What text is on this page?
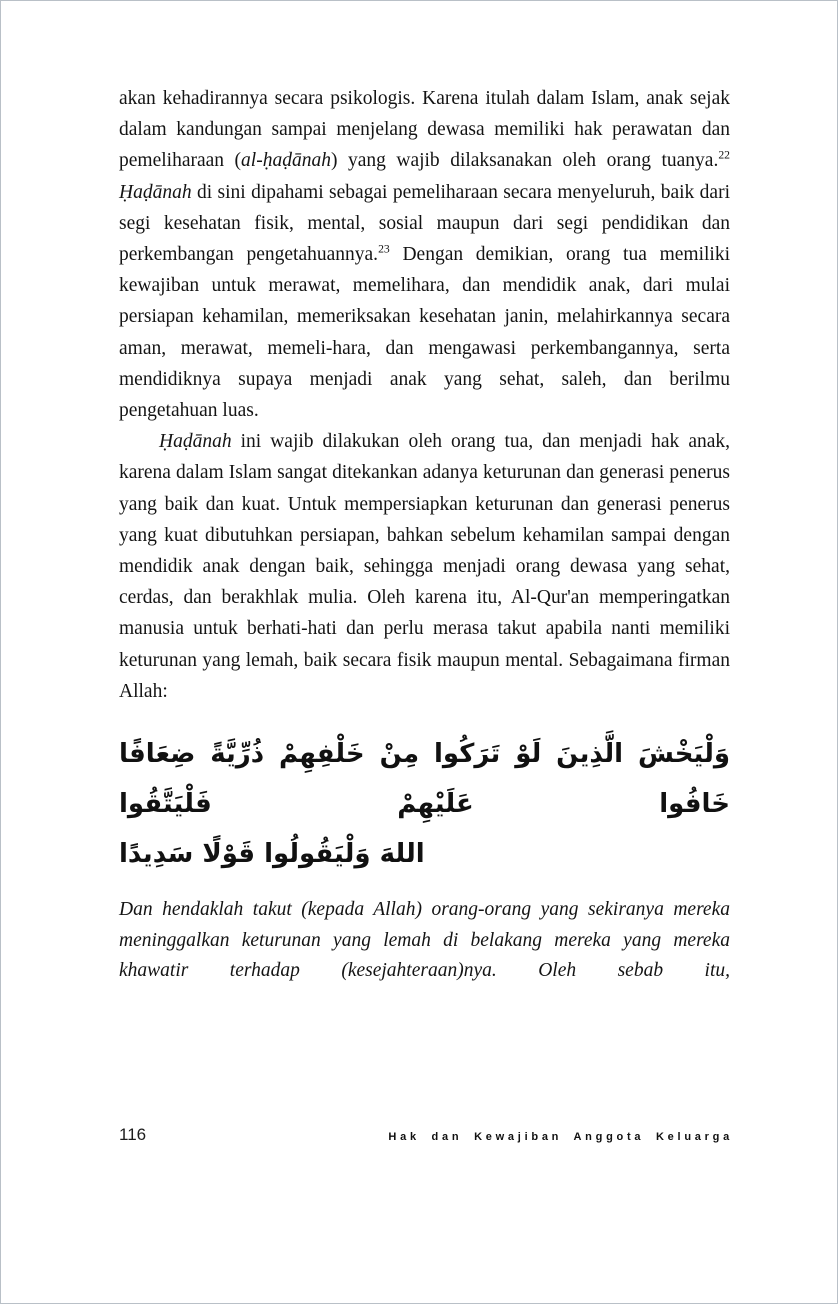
akan kehadirannya secara psikologis. Karena itulah dalam Islam, anak sejak dalam kandungan sampai menjelang dewasa memiliki hak perawatan dan pemeliharaan (al-ḥaḍānah) yang wajib dilaksanakan oleh orang tuanya.$^{22}$ Ḥaḍānah di sini dipahami sebagai pemeliharaan secara menyeluruh, baik dari segi kesehatan fisik, mental, sosial maupun dari segi pendidikan dan perkembangan pengetahuannya.$^{23}$ Dengan demikian, orang tua memiliki kewajiban untuk merawat, memelihara, dan mendidik anak, dari mulai persiapan kehamilan, memeriksakan kesehatan janin, melahirkannya secara aman, merawat, memeli-hara, dan mengawasi perkembangannya, serta mendidiknya supaya menjadi anak yang sehat, saleh, dan berilmu pengetahuan luas.

Ḥaḍānah ini wajib dilakukan oleh orang tua, dan menjadi hak anak, karena dalam Islam sangat ditekankan adanya keturunan dan generasi penerus yang baik dan kuat. Untuk mempersiapkan keturunan dan generasi penerus yang kuat dibutuhkan persiapan, bahkan sebelum kehamilan sampai dengan mendidik anak dengan baik, sehingga menjadi orang dewasa yang sehat, cerdas, dan berakhlak mulia. Oleh karena itu, Al-Qur'an memperingatkan manusia untuk berhati-hati dan perlu merasa takut apabila nanti memiliki keturunan yang lemah, baik secara fisik maupun mental. Sebagaimana firman Allah:

وَلْيَخْشَ الَّذِينَ لَوْ تَرَكُوا مِنْ خَلْفِهِمْ ذُرِّيَّةً ضِعَافًا خَافُوا عَلَيْهِمْ فَلْيَتَّقُوا
اللهَ وَلْيَقُولُوا قَوْلًا سَدِيدًا

Dan hendaklah takut (kepada Allah) orang-orang yang sekiranya mereka meninggalkan keturunan yang lemah di belakang mereka yang mereka khawatir terhadap (kesejahteraan)nya. Oleh sebab itu,

116	Hak dan Kewajiban Anggota Keluarga
